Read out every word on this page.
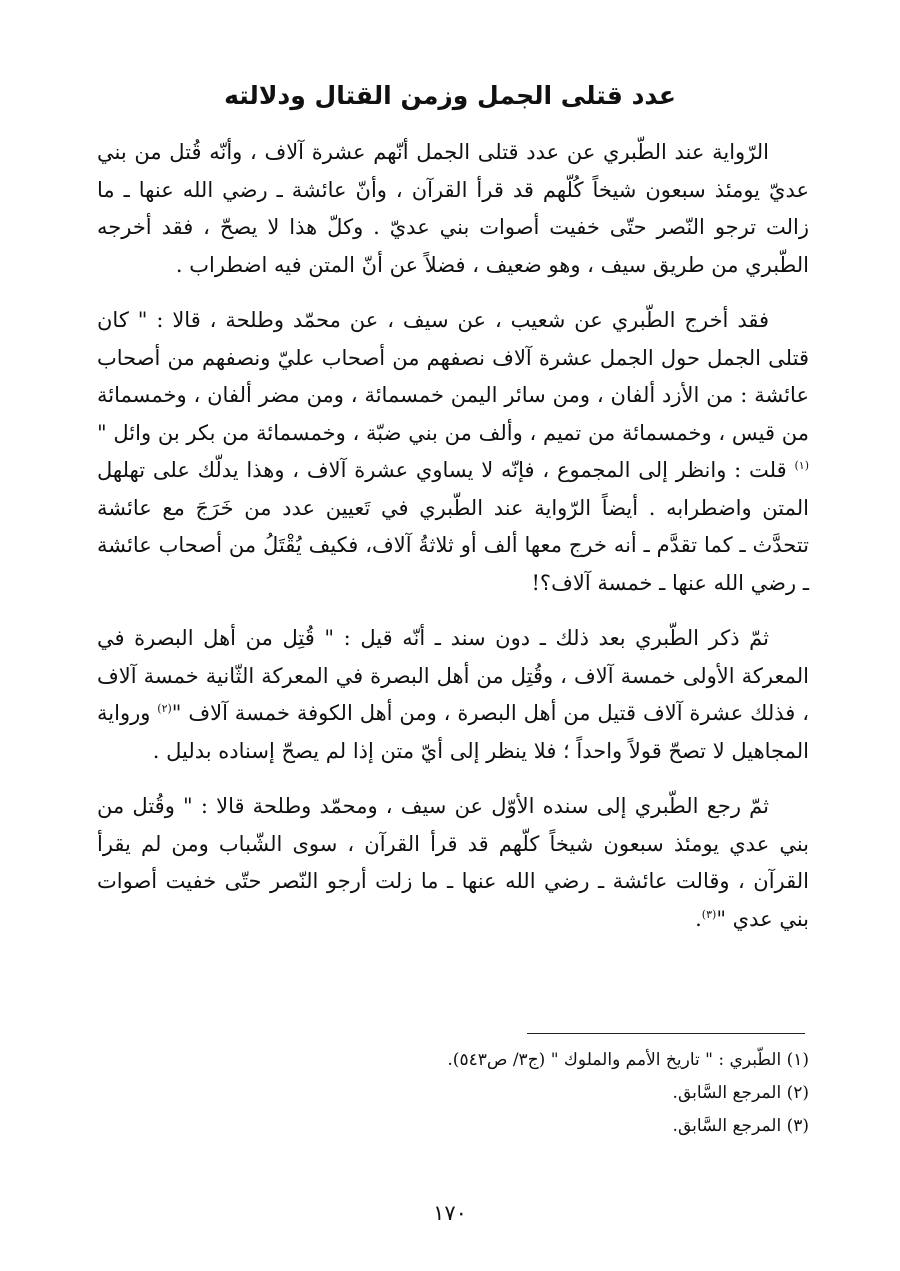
عدد قتلى الجمل وزمن القتال ودلالته

الرّواية عند الطّبري عن عدد قتلى الجمل أنّهم عشرة آلاف ، وأنّه قُتل من بني عديّ يومئذ سبعون شيخاً كُلّهم قد قرأ القرآن ، وأنّ عائشة ـ رضي الله عنها ـ ما زالت ترجو النّصر حتّى خفيت أصوات بني عديّ . وكلّ هذا لا يصحّ ، فقد أخرجه الطّبري من طريق سيف ، وهو ضعيف ، فضلاً عن أنّ المتن فيه اضطراب .

فقد أخرج الطّبري عن شعيب ، عن سيف ، عن محمّد وطلحة ، قالا : " كان قتلى الجمل حول الجمل عشرة آلاف نصفهم من أصحاب عليّ ونصفهم من أصحاب عائشة : من الأزد ألفان ، ومن سائر اليمن خمسمائة ، ومن مضر ألفان ، وخمسمائة من قيس ، وخمسمائة من تميم ، وألف من بني ضبّة ، وخمسمائة من بكر بن وائل "$^{(١)}$ قلت : وانظر إلى المجموع ، فإنّه لا يساوي عشرة آلاف ، وهذا يدلّك على تهلهل المتن واضطرابه . أيضاً الرّواية عند الطّبري في تَعيين عدد من خَرَجَ مع عائشة تتحدَّث ـ كما تقدَّم ـ أنه خرج معها ألف أو ثلاثةُ آلاف، فكيف يُقْتَلُ من أصحاب عائشة ـ رضي الله عنها ـ خمسة آلاف؟!

ثمّ ذكر الطّبري بعد ذلك ـ دون سند ـ أنّه قيل : " قُتِل من أهل البصرة في المعركة الأولى خمسة آلاف ، وقُتِل من أهل البصرة في المعركة الثّانية خمسة آلاف ، فذلك عشرة آلاف قتيل من أهل البصرة ، ومن أهل الكوفة خمسة آلاف "$^{(٢)}$ ورواية المجاهيل لا تصحّ قولاً واحداً ؛ فلا ينظر إلى أيّ متن إذا لم يصحّ إسناده بدليل .

ثمّ رجع الطّبري إلى سنده الأوّل عن سيف ، ومحمّد وطلحة قالا : " وقُتل من بني عدي يومئذ سبعون شيخاً كلّهم قد قرأ القرآن ، سوى الشّباب ومن لم يقرأ القرآن ، وقالت عائشة ـ رضي الله عنها ـ ما زلت أرجو النّصر حتّى خفيت أصوات بني عدي "$^{(٣)}$.

(١) الطّبري : " تاريخ الأمم والملوك " (ج٣/ ص٥٤٣).
(٢) المرجع السَّابق.
(٣) المرجع السَّابق.
١٧٠
